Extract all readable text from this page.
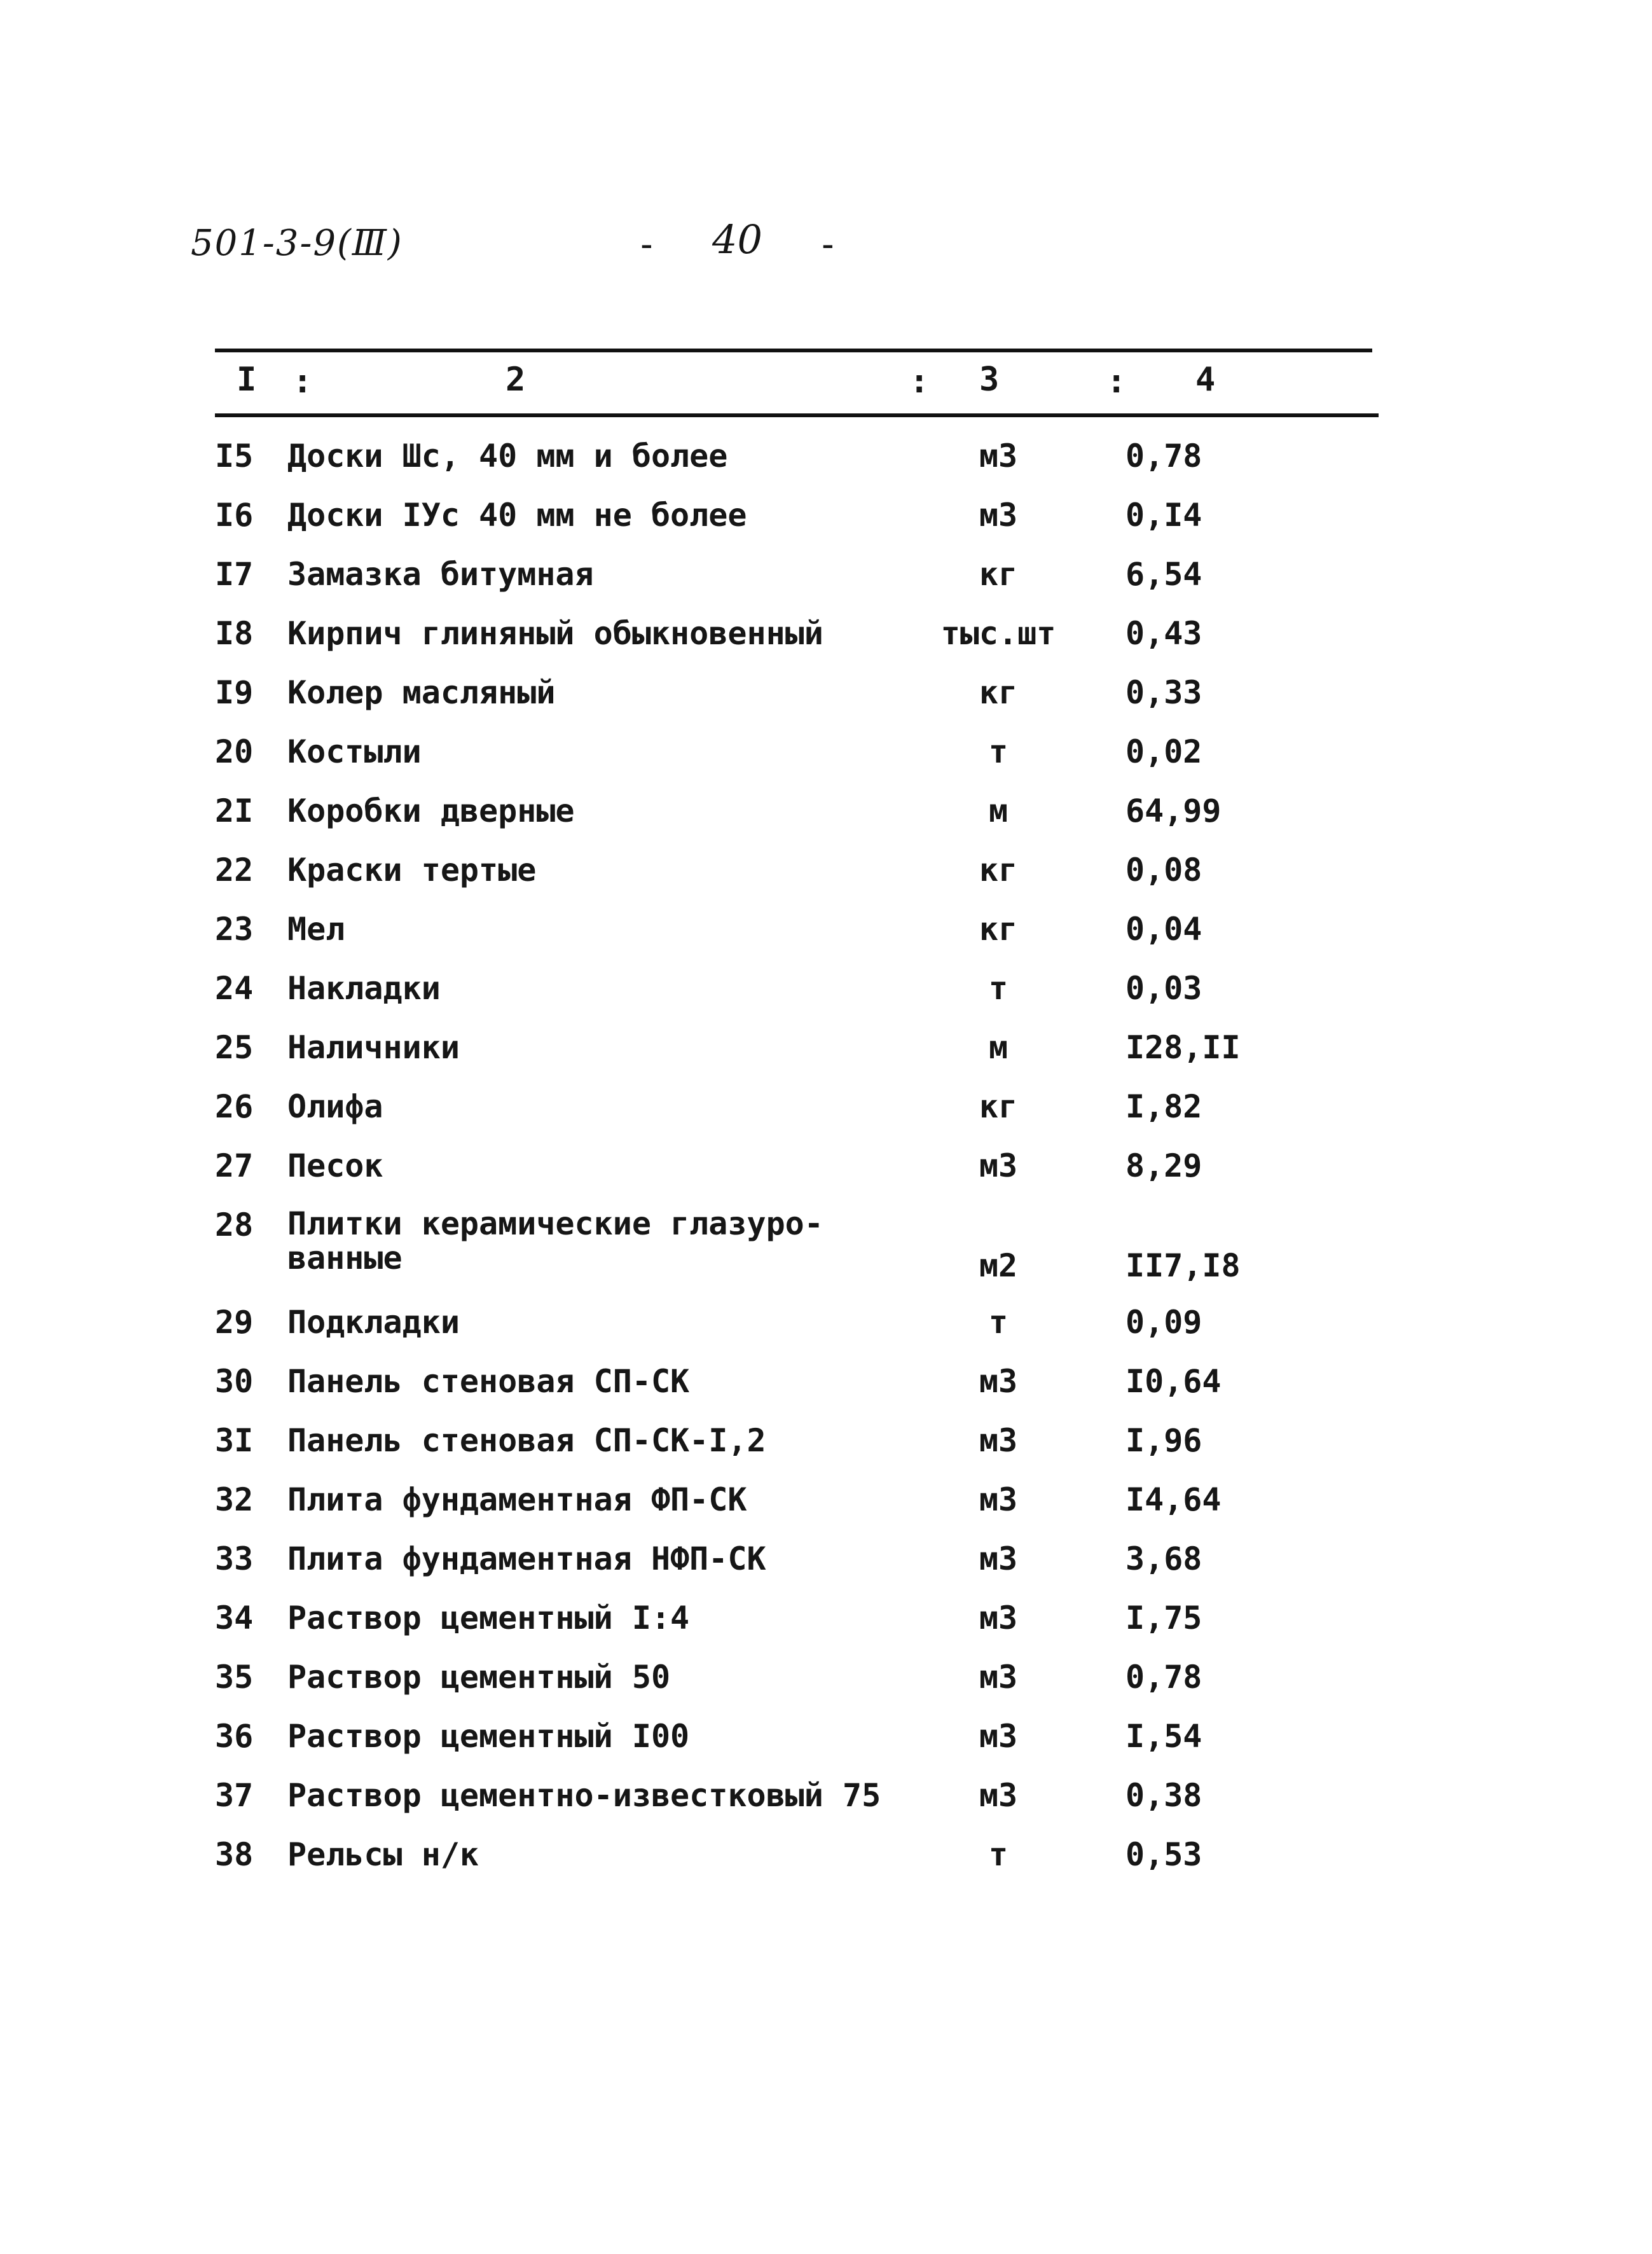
501-3-9(Ⅲ)	- 40 -
I :	2	: 3	: 4
I5 Доски Шс, 40 мм и более	м3	0,78
I6 Доски IУс 40 мм не более	м3	0,I4
I7 Замазка битумная	кг	6,54
I8 Кирпич глиняный обыкновенный	тыс.шт	0,43
I9 Колер масляный	кг	0,33
20 Костыли	т	0,02
2I Коробки дверные	м	64,99
22 Краски тертые	кг	0,08
23 Мел	кг	0,04
24 Накладки	т	0,03
25 Наличники	м	I28,II
26 Олифа	кг	I,82
27 Песок	м3	8,29
28 Плитки керамические глазуро-
ванные	м2	II7,I8
29 Подкладки	т	0,09
30 Панель стеновая СП-СК	м3	I0,64
3I Панель стеновая СП-СК-I,2	м3	I,96
32 Плита фундаментная ФП-СК	м3	I4,64
33 Плита фундаментная НФП-СК	м3	3,68
34 Раствор цементный I:4	м3	I,75
35 Раствор цементный 50	м3	0,78
36 Раствор цементный I00	м3	I,54
37 Раствор цементно-известковый 75	м3	0,38
38 Рельсы н/к	т	0,53
